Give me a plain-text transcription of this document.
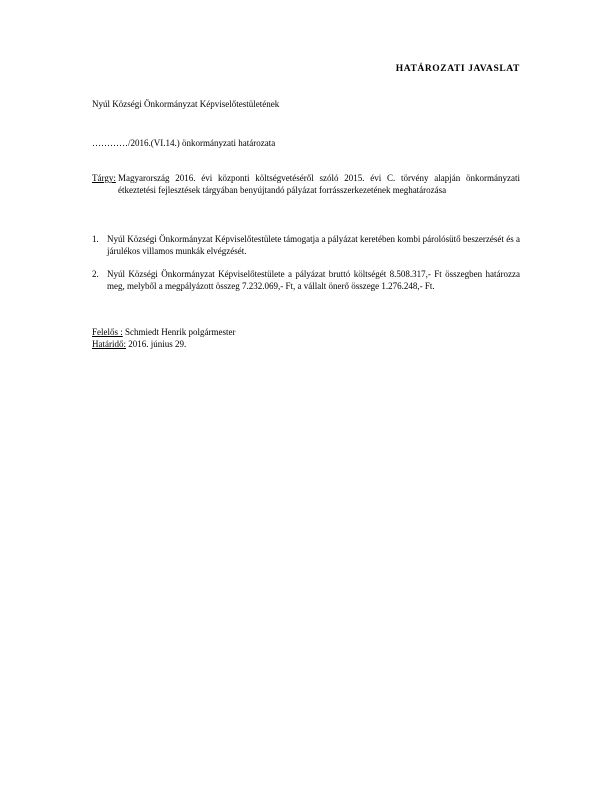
HATÁROZATI JAVASLAT
Nyúl Községi Önkormányzat Képviselőtestületének
…………/2016.(VI.14.) önkormányzati határozata
Tárgy: Magyarország 2016. évi központi költségvetéséről szóló 2015. évi C. törvény alapján önkormányzati étkeztetési fejlesztések tárgyában benyújtandó pályázat forrásszerkezetének meghatározása
1. Nyúl Községi Önkormányzat Képviselőtestülete támogatja a pályázat keretében kombi párolósütő beszerzését és a járulékos villamos munkák elvégzését.
2. Nyúl Községi Önkormányzat Képviselőtestülete a pályázat bruttó költségét 8.508.317,- Ft összegben határozza meg, melyből a megpályázott összeg 7.232.069,- Ft, a vállalt önerő összege 1.276.248,- Ft.
Felelős : Schmiedt Henrik polgármester
Határidő: 2016. június 29.
